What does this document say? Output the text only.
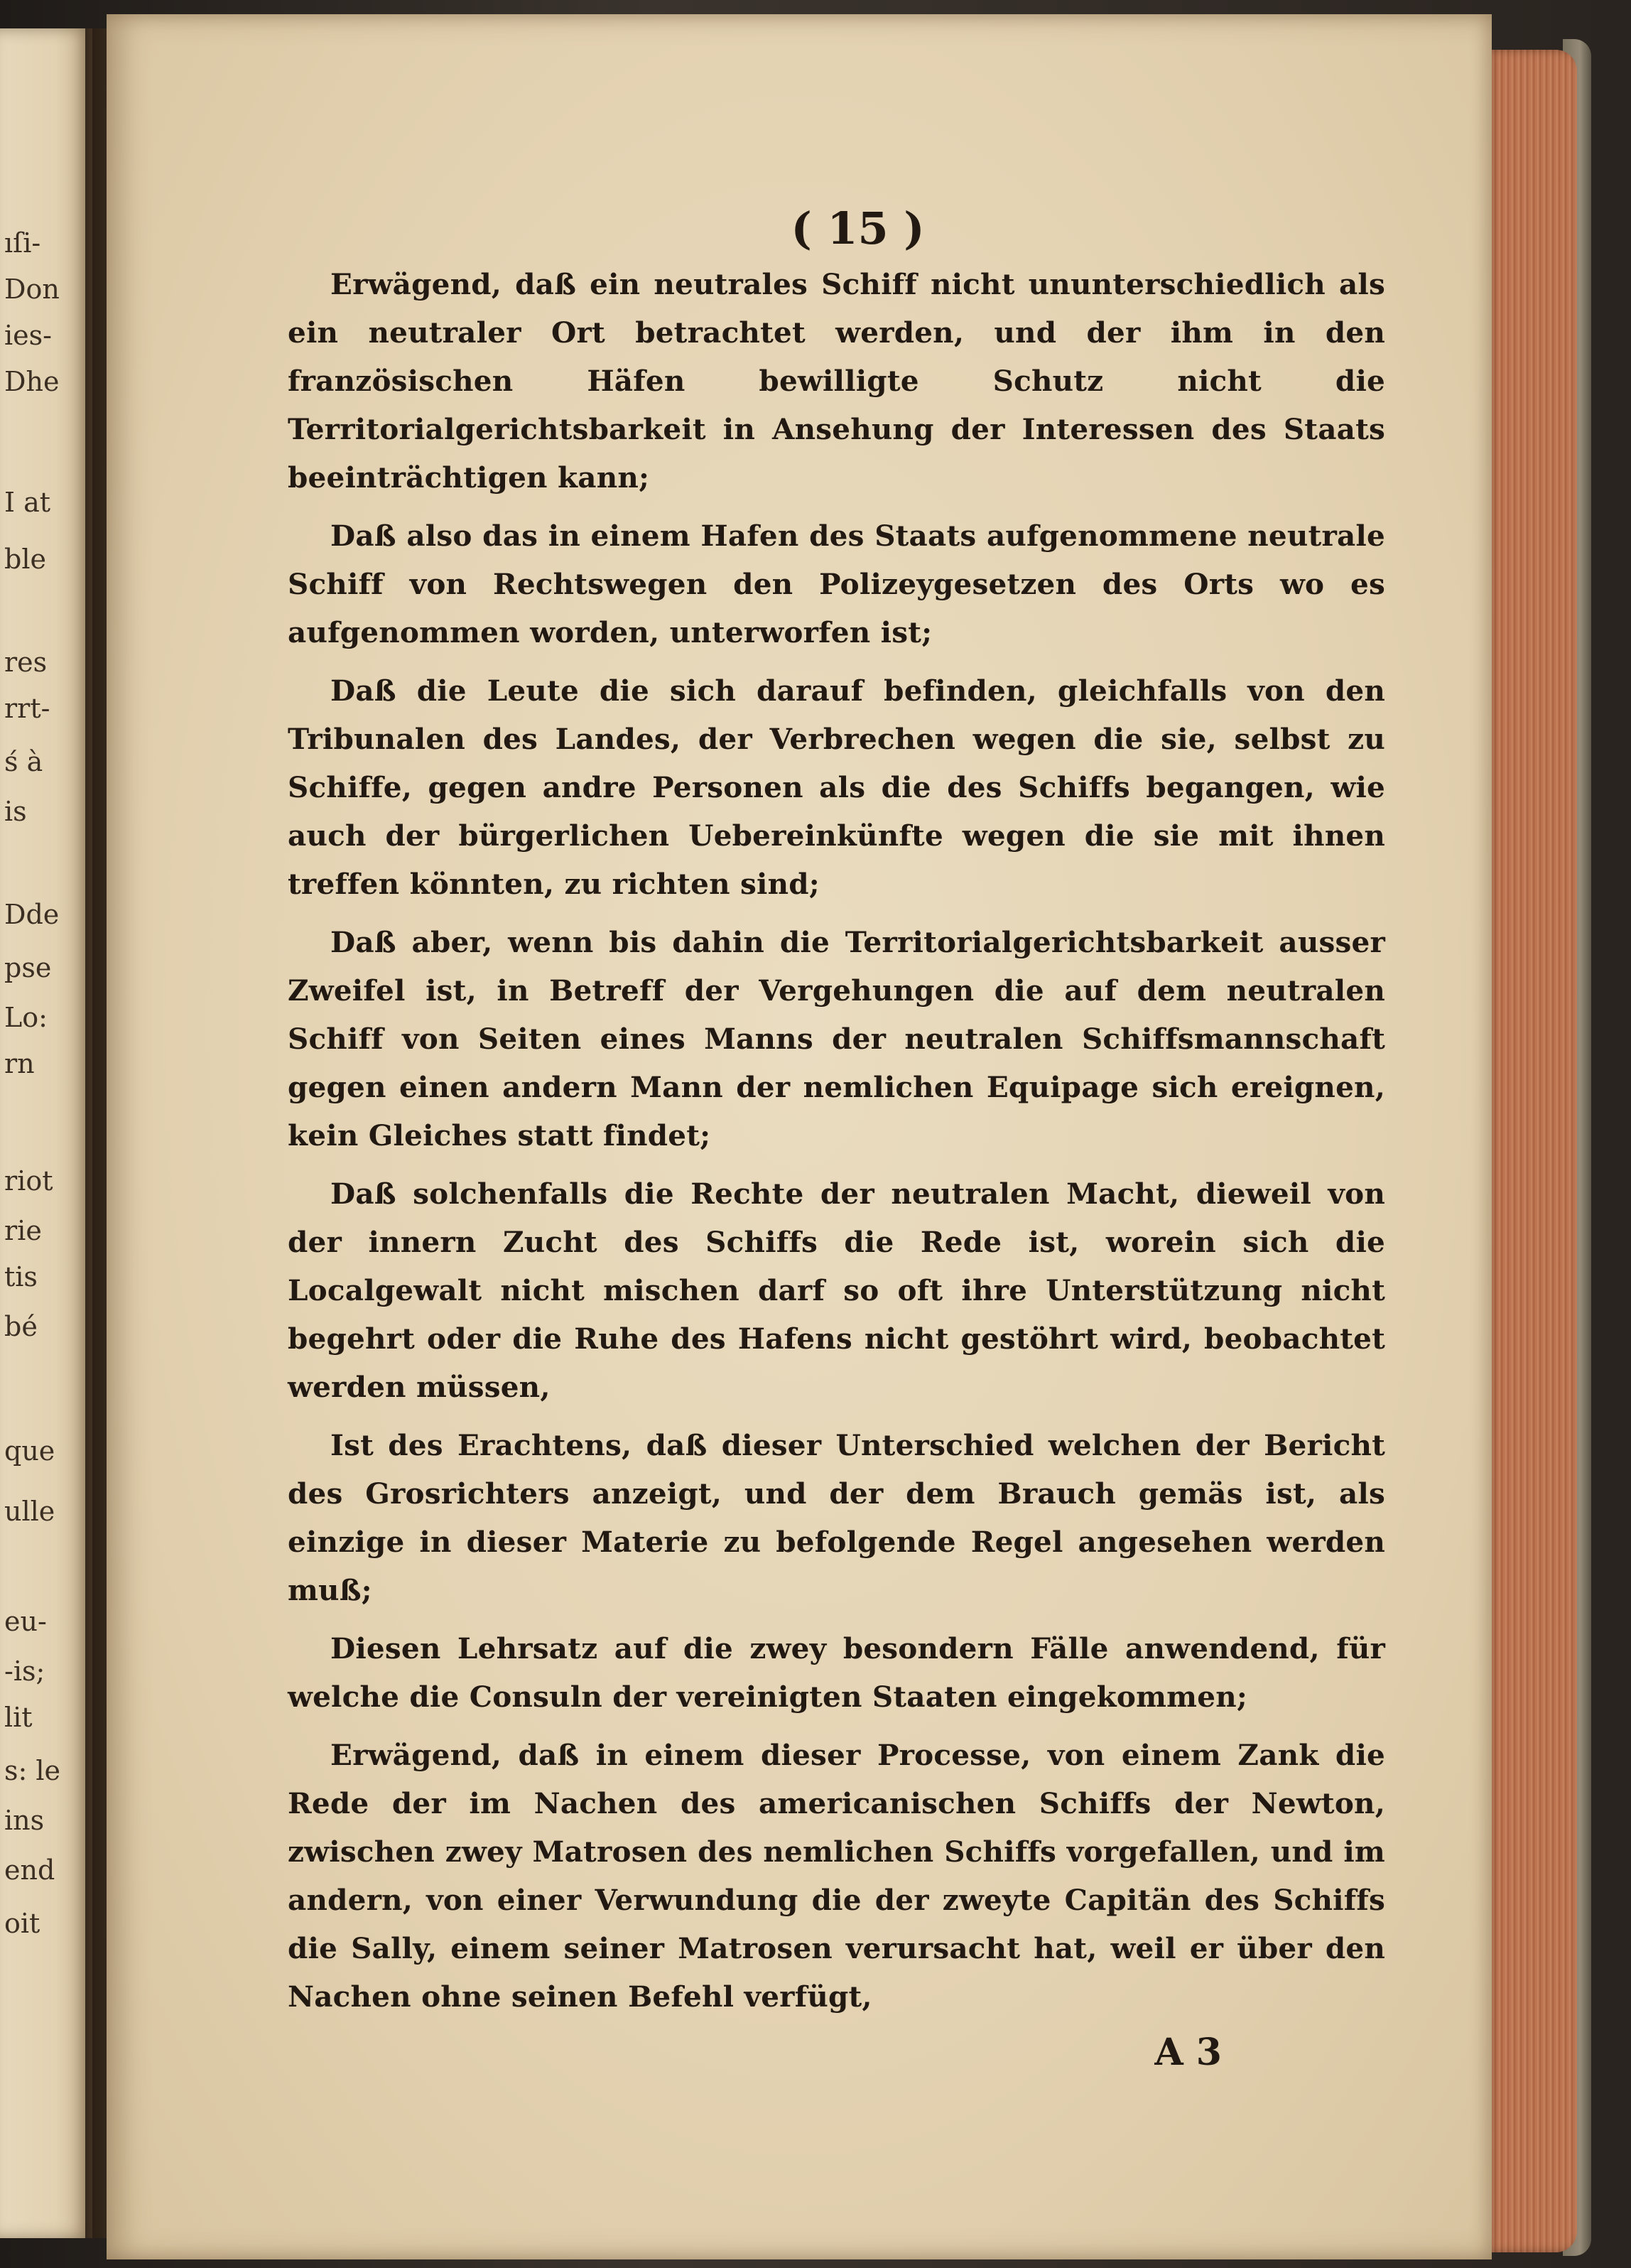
ıſi-
Don
ies-
Dhe
I at
ble
res
rrt-
ś à
is
Dde
pse
Lo:
rn
riot
rie
tis
bé
que
ulle
eu-
-is;
lit
s: le
ins
end
oit
( 15 )

Erwägend, daß ein neutrales Schiff nicht ununterschiedlich als ein neutraler Ort betrachtet werden, und der ihm in den französischen Häfen bewilligte Schutz nicht die Territorialgerichtsbarkeit in Ansehung der Interessen des Staats beeinträchtigen kann;

Daß also das in einem Hafen des Staats aufgenommene neutrale Schiff von Rechtswegen den Polizeygesetzen des Orts wo es aufgenommen worden, unterworfen ist;

Daß die Leute die sich darauf befinden, gleichfalls von den Tribunalen des Landes, der Verbrechen wegen die sie, selbst zu Schiffe, gegen andre Personen als die des Schiffs begangen, wie auch der bürgerlichen Uebereinkünfte wegen die sie mit ihnen treffen könnten, zu richten sind;

Daß aber, wenn bis dahin die Territorialgerichtsbarkeit ausser Zweifel ist, in Betreff der Vergehungen die auf dem neutralen Schiff von Seiten eines Manns der neutralen Schiffsmannschaft gegen einen andern Mann der nemlichen Equipage sich ereignen, kein Gleiches statt findet;

Daß solchenfalls die Rechte der neutralen Macht, dieweil von der innern Zucht des Schiffs die Rede ist, worein sich die Localgewalt nicht mischen darf so oft ihre Unterstützung nicht begehrt oder die Ruhe des Hafens nicht gestöhrt wird, beobachtet werden müssen,

Ist des Erachtens, daß dieser Unterschied welchen der Bericht des Grosrichters anzeigt, und der dem Brauch gemäs ist, als einzige in dieser Materie zu befolgende Regel angesehen werden muß;

Diesen Lehrsatz auf die zwey besondern Fälle anwendend, für welche die Consuln der vereinigten Staaten eingekommen;

Erwägend, daß in einem dieser Processe, von einem Zank die Rede der im Nachen des americanischen Schiffs der Newton, zwischen zwey Matrosen des nemlichen Schiffs vorgefallen, und im andern, von einer Verwundung die der zweyte Capitän des Schiffs die Sally, einem seiner Matrosen verursacht hat, weil er über den Nachen ohne seinen Befehl verfügt,

A 3
